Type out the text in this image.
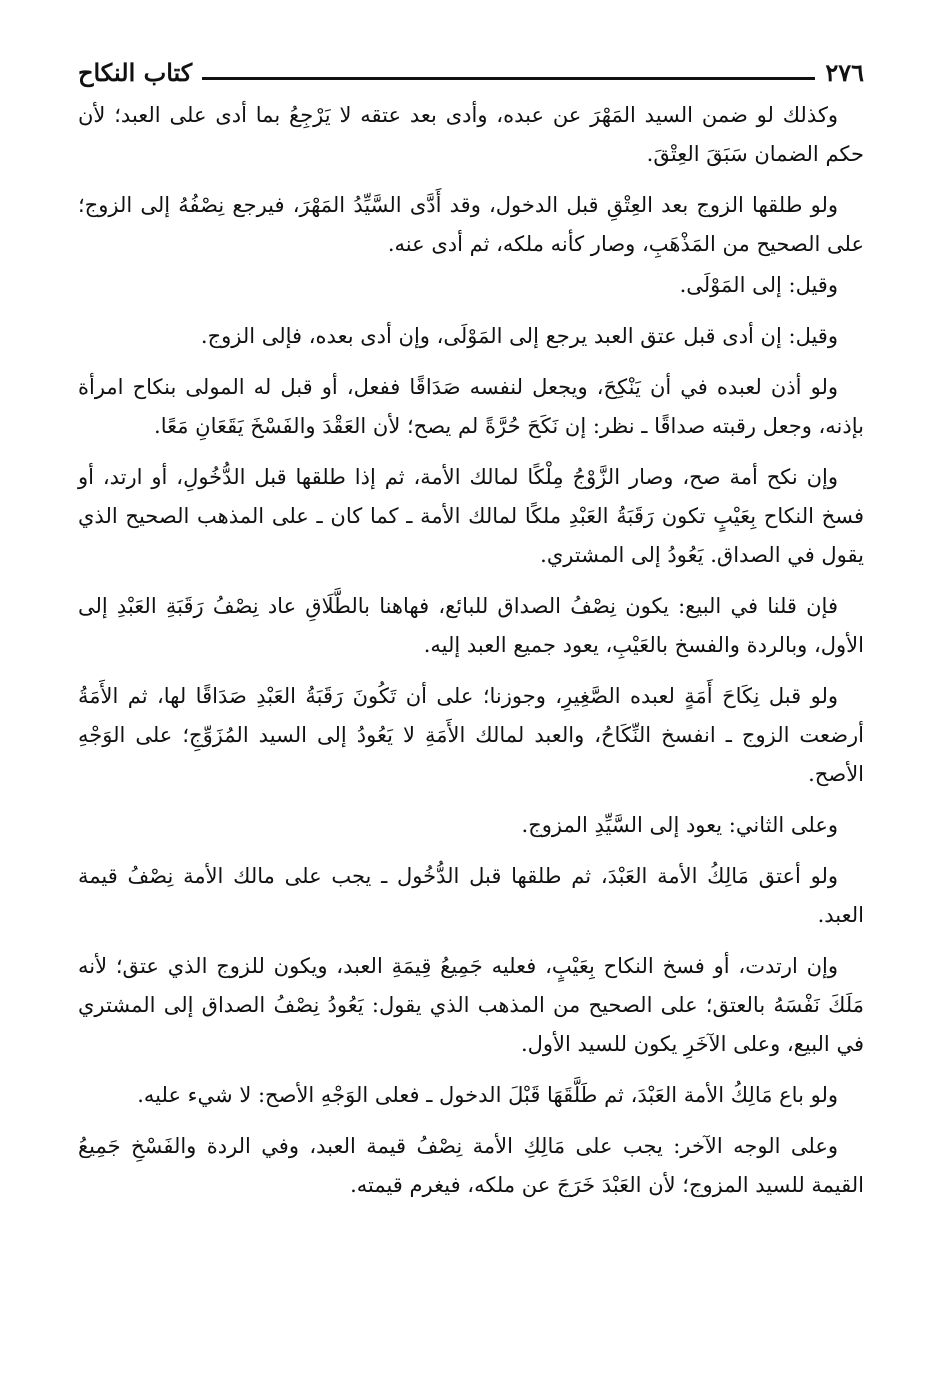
٢٧٦
كتاب النكاح

وكذلك لو ضمن السيد المَهْرَ عن عبده، وأدى بعد عتقه لا يَرْجِعُ بما أدى على العبد؛ لأن حكم الضمان سَبَقَ العِتْقَ.

ولو طلقها الزوج بعد العِتْقِ قبل الدخول، وقد أَدَّى السَّيِّدُ المَهْرَ، فيرجع نِصْفُهُ إلى الزوج؛ على الصحيح من المَذْهَبِ، وصار كأنه ملكه، ثم أدى عنه.

وقيل: إلى المَوْلَى.

وقيل: إن أدى قبل عتق العبد يرجع إلى المَوْلَى، وإن أدى بعده، فإلى الزوج.

ولو أذن لعبده في أن يَنْكِحَ، ويجعل لنفسه صَدَاقًا ففعل، أو قبل له المولى بنكاح امرأة بإذنه، وجعل رقبته صداقًا ـ نظر: إن نَكَحَ حُرَّةً لم يصح؛ لأن العَقْدَ والفَسْخَ يَقَعَانِ مَعًا.

وإن نكح أمة صح، وصار الزَّوْجُ مِلْكًا لمالك الأمة، ثم إذا طلقها قبل الدُّخُولِ، أو ارتد، أو فسخ النكاح بِعَيْبٍ تكون رَقَبَةُ العَبْدِ ملكًا لمالك الأمة ـ كما كان ـ على المذهب الصحيح الذي يقول في الصداق. يَعُودُ إلى المشتري.

فإن قلنا في البيع: يكون نِصْفُ الصداق للبائع، فهاهنا بالطَّلَاقِ عاد نِصْفُ رَقَبَةِ العَبْدِ إلى الأول، وبالردة والفسخ بالعَيْبِ، يعود جميع العبد إليه.

ولو قبل نِكَاحَ أَمَةٍ لعبده الصَّغِيرِ، وجوزنا؛ على أن تَكُونَ رَقَبَةُ العَبْدِ صَدَاقًا لها، ثم الأَمَةُ أرضعت الزوج ـ انفسخ النِّكَاحُ، والعبد لمالك الأَمَةِ لا يَعُودُ إلى السيد المُزَوِّجِ؛ على الوَجْهِ الأصح.

وعلى الثاني: يعود إلى السَّيِّدِ المزوج.

ولو أعتق مَالِكُ الأمة العَبْدَ، ثم طلقها قبل الدُّخُول ـ يجب على مالك الأمة نِصْفُ قيمة العبد.

وإن ارتدت، أو فسخ النكاح بِعَيْبٍ، فعليه جَمِيعُ قِيمَةِ العبد، ويكون للزوج الذي عتق؛ لأنه مَلَكَ نَفْسَهُ بالعتق؛ على الصحيح من المذهب الذي يقول: يَعُودُ نِصْفُ الصداق إلى المشتري في البيع، وعلى الآخَرِ يكون للسيد الأول.

ولو باع مَالِكُ الأمة العَبْدَ، ثم طَلَّقَهَا قَبْلَ الدخول ـ فعلى الوَجْهِ الأصح: لا شيء عليه.

وعلى الوجه الآخر: يجب على مَالِكِ الأمة نِصْفُ قيمة العبد، وفي الردة والفَسْخِ جَمِيعُ القيمة للسيد المزوج؛ لأن العَبْدَ خَرَجَ عن ملكه، فيغرم قيمته.
